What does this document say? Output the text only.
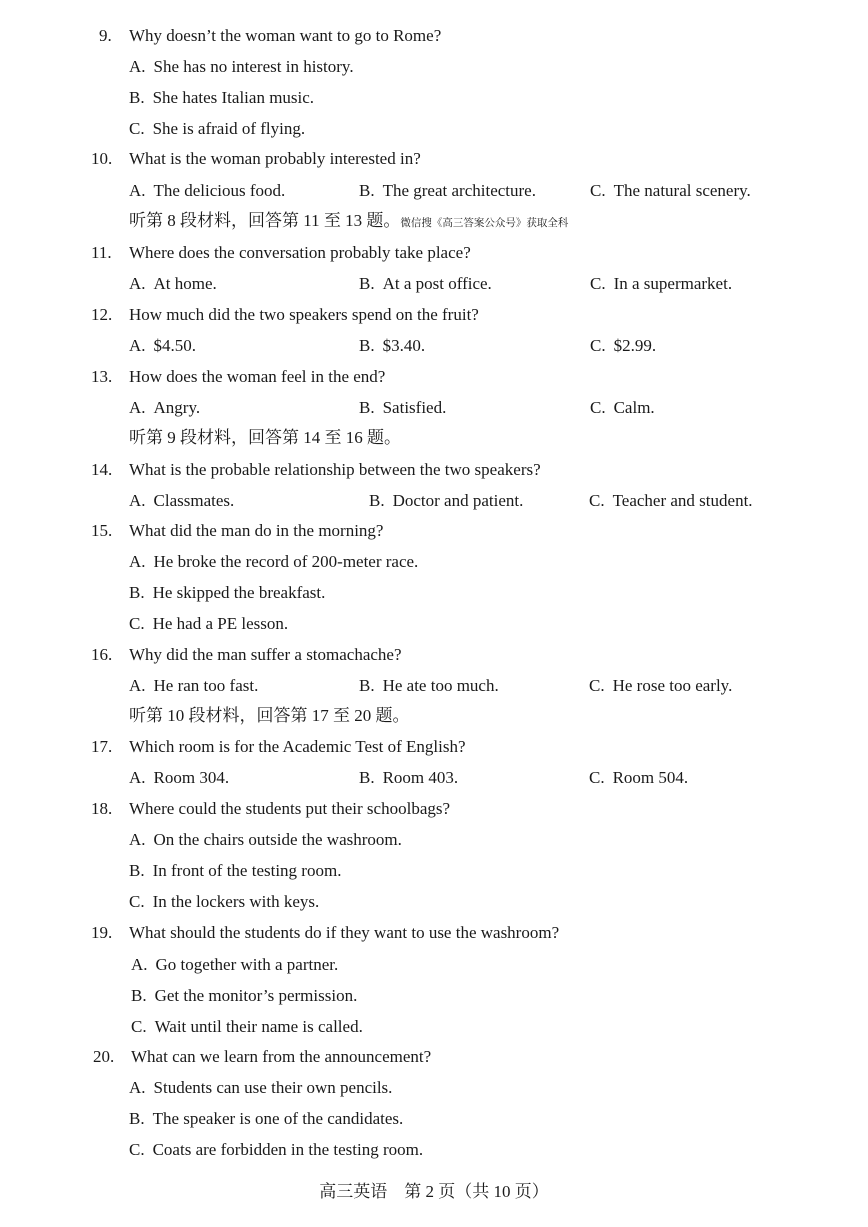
9. Why doesn’t the woman want to go to Rome?
A. She has no interest in history.
B. She hates Italian music.
C. She is afraid of flying.
10. What is the woman probably interested in?
A. The delicious food.	B. The great architecture.	C. The natural scenery.
听第 8 段材料，回答第 11 至 13 题。微信搜《高三答案公众号》获取全科
11. Where does the conversation probably take place?
A. At home.	B. At a post office.	C. In a supermarket.
12. How much did the two speakers spend on the fruit?
A. $4.50.	B. $3.40.	C. $2.99.
13. How does the woman feel in the end?
A. Angry.	B. Satisfied.	C. Calm.
听第 9 段材料，回答第 14 至 16 题。
14. What is the probable relationship between the two speakers?
A. Classmates.	B. Doctor and patient.	C. Teacher and student.
15. What did the man do in the morning?
A. He broke the record of 200-meter race.
B. He skipped the breakfast.
C. He had a PE lesson.
16. Why did the man suffer a stomachache?
A. He ran too fast.	B. He ate too much.	C. He rose too early.
听第 10 段材料，回答第 17 至 20 题。
17. Which room is for the Academic Test of English?
A. Room 304.	B. Room 403.	C. Room 504.
18. Where could the students put their schoolbags?
A. On the chairs outside the washroom.
B. In front of the testing room.
C. In the lockers with keys.
19. What should the students do if they want to use the washroom?
A. Go together with a partner.
B. Get the monitor’s permission.
C. Wait until their name is called.
20. What can we learn from the announcement?
A. Students can use their own pencils.
B. The speaker is one of the candidates.
C. Coats are forbidden in the testing room.
高三英语　第 2 页（共 10 页）
